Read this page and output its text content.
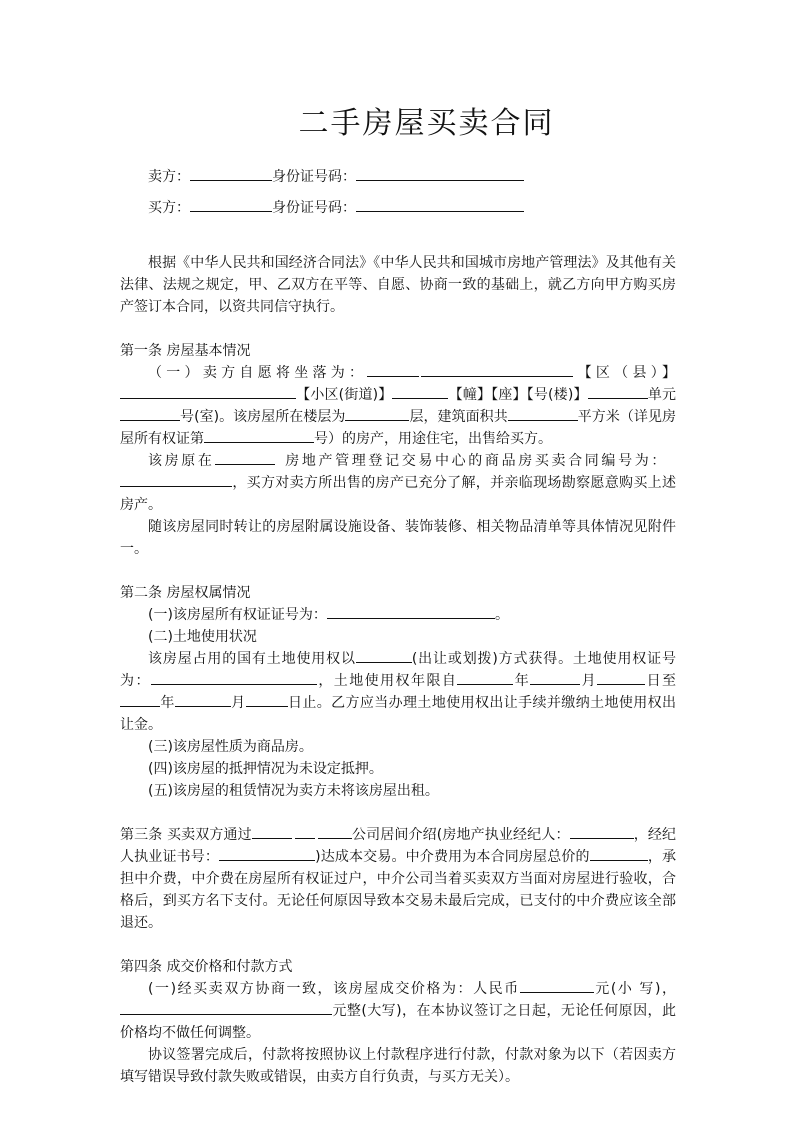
二手房屋买卖合同
卖方：	身份证号码：
买方：	身份证号码：

根据《中华人民共和国经济合同法》《中华人民共和国城市房地产管理法》及其他有关法律、法规之规定，甲、乙双方在平等、自愿、协商一致的基础上，就乙方向甲方购买房产签订本合同，以资共同信守执行。

第一条 房屋基本情况

（一）卖方自愿将坐落为：	【区（县）】【小区(街道)】	【幢】【座】【号(楼)】	单元号(室)。该房屋所在楼层为	层，建筑面积共	平方米（详见房屋所有权证第	号）的房产，用途住宅，出售给买方。

该房原在	房地产管理登记交易中心的商品房买卖合同编号为：，买方对卖方所出售的房产已充分了解，并亲临现场勘察愿意购买上述房产。

随该房屋同时转让的房屋附属设施设备、装饰装修、相关物品清单等具体情况见附件一。

第二条 房屋权属情况

(一)该房屋所有权证证号为：	。

(二)土地使用状况

该房屋占用的国有土地使用权以	(出让或划拨)方式获得。土地使用权证号为：	，土地使用权年限自	年	月	日至年	月	日止。乙方应当办理土地使用权出让手续并缴纳土地使用权出让金。

(三)该房屋性质为商品房。

(四)该房屋的抵押情况为未设定抵押。

(五)该房屋的租赁情况为卖方未将该房屋出租。

第三条 买卖双方通过	公司居间介绍(房地产执业经纪人：	，经纪人执业证书号：	)达成本交易。中介费用为本合同房屋总价的	，承担中介费，中介费在房屋所有权证过户，中介公司当着买卖双方当面对房屋进行验收，合格后，到买方名下支付。无论任何原因导致本交易未最后完成，已支付的中介费应该全部退还。

第四条 成交价格和付款方式

(一)经买卖双方协商一致，该房屋成交价格为：人民币	元(小 写)，元整(大写)，在本协议签订之日起，无论任何原因，此价格均不做任何调整。

协议签署完成后，付款将按照协议上付款程序进行付款，付款对象为以下（若因卖方填写错误导致付款失败或错误，由卖方自行负责，与买方无关）。
